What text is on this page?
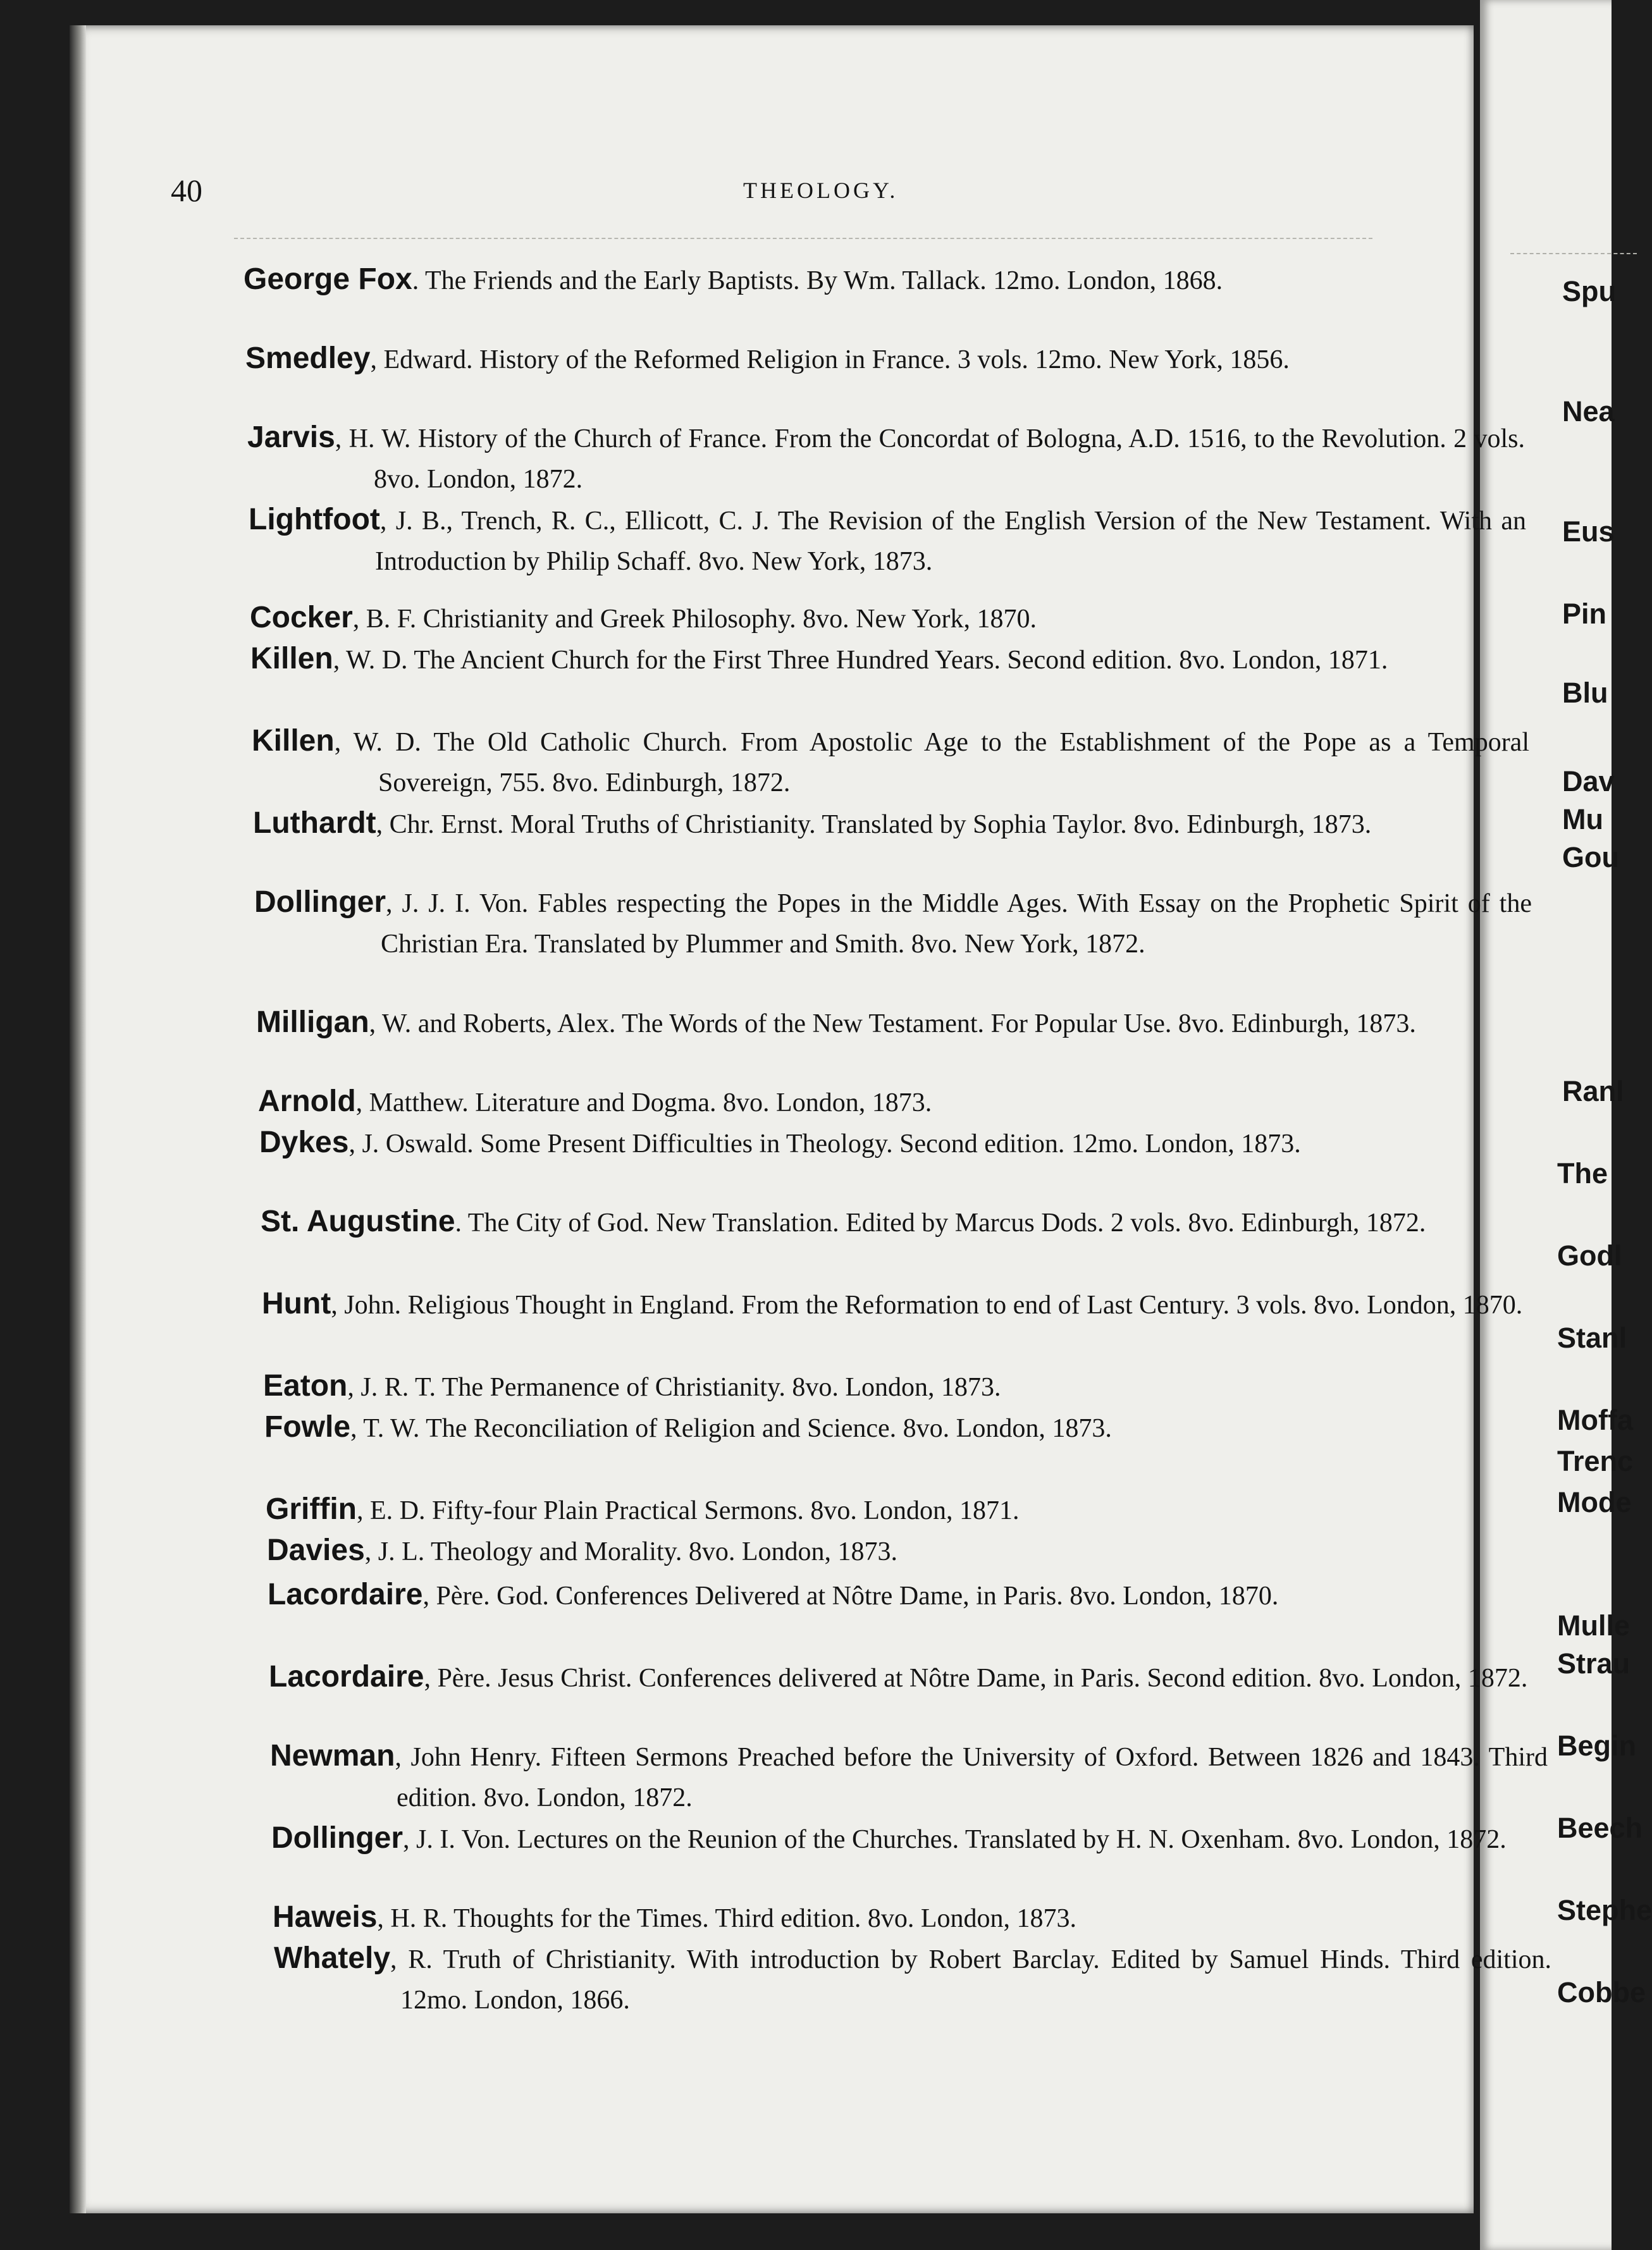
40	THEOLOGY.
George Fox. The Friends and the Early Baptists. By Wm. Tallack. 12mo. London, 1868.
Smedley, Edward. History of the Reformed Religion in France. 3 vols. 12mo. New York, 1856.
Jarvis, H. W. History of the Church of France. From the Concordat of Bologna, A.D. 1516, to the Revolution. 2 vols. 8vo. London, 1872.
Lightfoot, J. B., Trench, R. C., Ellicott, C. J. The Revision of the English Version of the New Testament. With an Introduction by Philip Schaff. 8vo. New York, 1873.
Cocker, B. F. Christianity and Greek Philosophy. 8vo. New York, 1870.
Killen, W. D. The Ancient Church for the First Three Hundred Years. Second edition. 8vo. London, 1871.
Killen, W. D. The Old Catholic Church. From Apostolic Age to the Establishment of the Pope as a Temporal Sovereign, 755. 8vo. Edinburgh, 1872.
Luthardt, Chr. Ernst. Moral Truths of Christianity. Translated by Sophia Taylor. 8vo. Edinburgh, 1873.
Dollinger, J. J. I. Von. Fables respecting the Popes in the Middle Ages. With Essay on the Prophetic Spirit of the Christian Era. Translated by Plummer and Smith. 8vo. New York, 1872.
Milligan, W. and Roberts, Alex. The Words of the New Testament. For Popular Use. 8vo. Edinburgh, 1873.
Arnold, Matthew. Literature and Dogma. 8vo. London, 1873.
Dykes, J. Oswald. Some Present Difficulties in Theology. Second edition. 12mo. London, 1873.
St. Augustine. The City of God. New Translation. Edited by Marcus Dods. 2 vols. 8vo. Edinburgh, 1872.
Hunt, John. Religious Thought in England. From the Reformation to end of Last Century. 3 vols. 8vo. London, 1870.
Eaton, J. R. T. The Permanence of Christianity. 8vo. London, 1873.
Fowle, T. W. The Reconciliation of Religion and Science. 8vo. London, 1873.
Griffin, E. D. Fifty-four Plain Practical Sermons. 8vo. London, 1871.
Davies, J. L. Theology and Morality. 8vo. London, 1873.
Lacordaire, Père. God. Conferences Delivered at Nôtre Dame, in Paris. 8vo. London, 1870.
Lacordaire, Père. Jesus Christ. Conferences delivered at Nôtre Dame, in Paris. Second edition. 8vo. London, 1872.
Newman, John Henry. Fifteen Sermons Preached before the University of Oxford. Between 1826 and 1843. Third edition. 8vo. London, 1872.
Dollinger, J. I. Von. Lectures on the Reunion of the Churches. Translated by H. N. Oxenham. 8vo. London, 1872.
Haweis, H. R. Thoughts for the Times. Third edition. 8vo. London, 1873.
Whately, R. Truth of Christianity. With introduction by Robert Barclay. Edited by Samuel Hinds. Third edition. 12mo. London, 1866.
Spu
Nea
Eus
Pin
Blu
Dav
Mu
Gou
Ranl
The
Godl
Stanl
Moffa
Trenc
Mode
Mulle
Strau
Begin
Beech
Stephe
Cobbe
